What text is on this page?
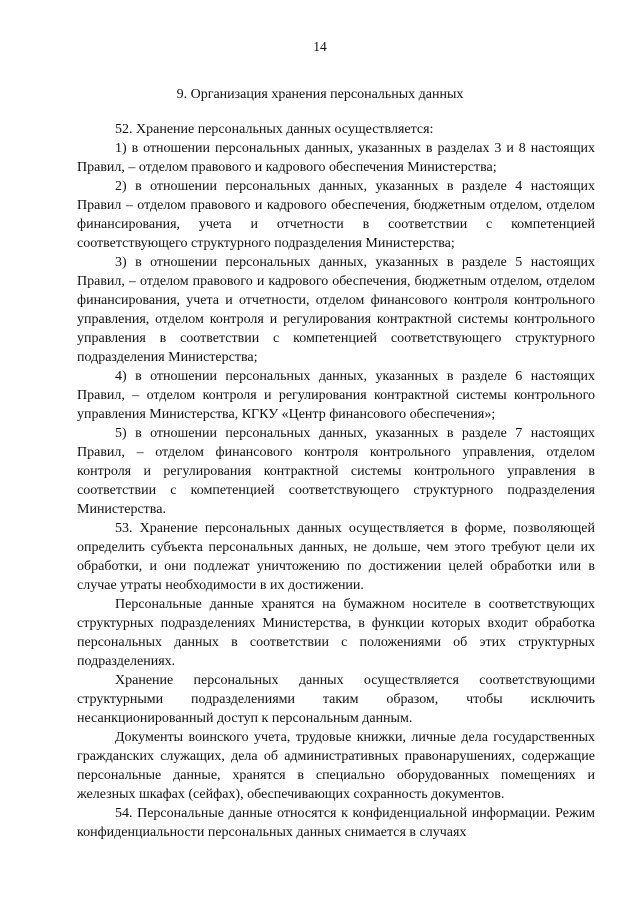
14
9. Организация хранения персональных данных

52. Хранение персональных данных осуществляется:

1) в отношении персональных данных, указанных в разделах 3 и 8 настоящих Правил, – отделом правового и кадрового обеспечения Министерства;

2) в отношении персональных данных, указанных в разделе 4 настоящих Правил – отделом правового и кадрового обеспечения, бюджетным отделом, отделом финансирования, учета и отчетности в соответствии с компетенцией соответствующего структурного подразделения Министерства;

3) в отношении персональных данных, указанных в разделе 5 настоящих Правил, – отделом правового и кадрового обеспечения, бюджетным отделом, отделом финансирования, учета и отчетности, отделом финансового контроля контрольного управления, отделом контроля и регулирования контрактной системы контрольного управления в соответствии с компетенцией соответствующего структурного подразделения Министерства;

4) в отношении персональных данных, указанных в разделе 6 настоящих Правил, – отделом контроля и регулирования контрактной системы контрольного управления Министерства, КГКУ «Центр финансового обеспечения»;

5) в отношении персональных данных, указанных в разделе 7 настоящих Правил, – отделом финансового контроля контрольного управления, отделом контроля и регулирования контрактной системы контрольного управления в соответствии с компетенцией соответствующего структурного подразделения Министерства.

53. Хранение персональных данных осуществляется в форме, позволяющей определить субъекта персональных данных, не дольше, чем этого требуют цели их обработки, и они подлежат уничтожению по достижении целей обработки или в случае утраты необходимости в их достижении.

Персональные данные хранятся на бумажном носителе в соответствующих структурных подразделениях Министерства, в функции которых входит обработка персональных данных в соответствии с положениями об этих структурных подразделениях.

Хранение персональных данных осуществляется соответствующими структурными подразделениями таким образом, чтобы исключить несанкционированный доступ к персональным данным.

Документы воинского учета, трудовые книжки, личные дела государственных гражданских служащих, дела об административных правонарушениях, содержащие персональные данные, хранятся в специально оборудованных помещениях и железных шкафах (сейфах), обеспечивающих сохранность документов.

54. Персональные данные относятся к конфиденциальной информации. Режим конфиденциальности персональных данных снимается в случаях
